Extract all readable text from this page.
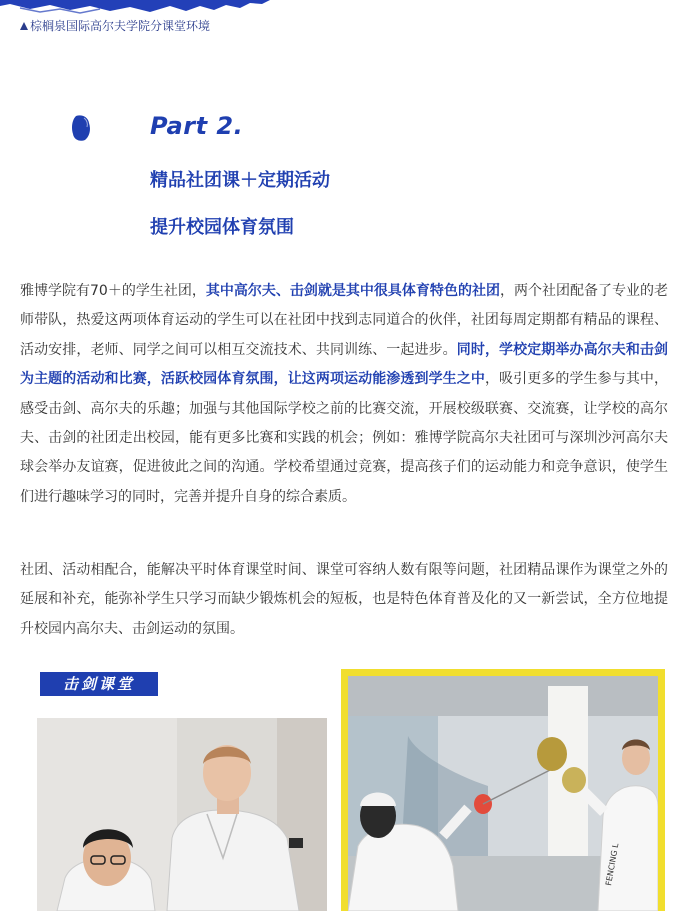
棕榈泉国际高尔夫学院分课堂环境
Part 2.
精品社团课＋定期活动
提升校园体育氛围

雅博学院有70＋的学生社团，其中高尔夫、击剑就是其中很具体育特色的社团，两个社团配备了专业的老师带队，热爱这两项体育运动的学生可以在社团中找到志同道合的伙伴，社团每周定期都有精品的课程、活动安排，老师、同学之间可以相互交流技术、共同训练、一起进步。同时，学校定期举办高尔夫和击剑为主题的活动和比赛，活跃校园体育氛围，让这两项运动能渗透到学生之中，吸引更多的学生参与其中，感受击剑、高尔夫的乐趣；加强与其他国际学校之前的比赛交流，开展校级联赛、交流赛，让学校的高尔夫、击剑的社团走出校园，能有更多比赛和实践的机会；例如：雅博学院高尔夫社团可与深圳沙河高尔夫球会举办友谊赛，促进彼此之间的沟通。学校希望通过竞赛，提高孩子们的运动能力和竞争意识，使学生们进行趣味学习的同时，完善并提升自身的综合素质。

社团、活动相配合，能解决平时体育课堂时间、课堂可容纳人数有限等问题，社团精品课作为课堂之外的延展和补充，能弥补学生只学习而缺少锻炼机会的短板，也是特色体育普及化的又一新尝试，全方位地提升校园内高尔夫、击剑运动的氛围。

击剑课堂
FENCING L
